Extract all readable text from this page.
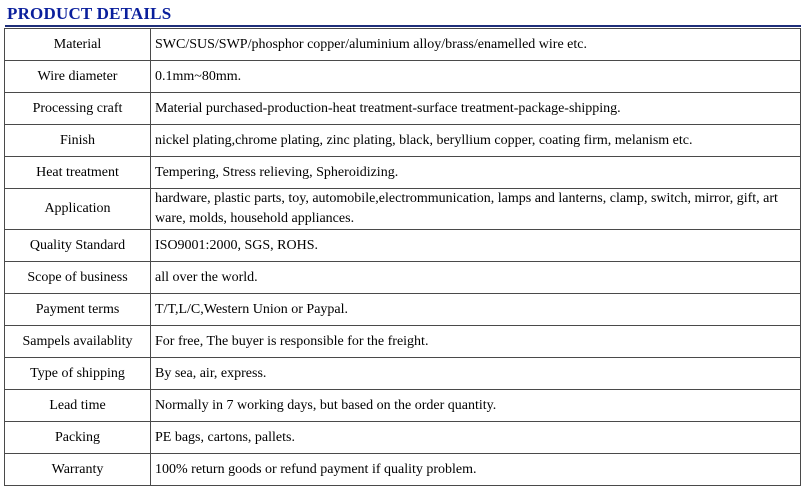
PRODUCT DETAILS
Material	SWC/SUS/SWP/phosphor copper/aluminium alloy/brass/enamelled wire etc.
Wire diameter	0.1mm~80mm.
Processing craft	Material purchased-production-heat treatment-surface treatment-package-shipping.
Finish	nickel plating,chrome plating, zinc plating, black, beryllium copper, coating firm, melanism etc.
Heat treatment	Tempering, Stress relieving, Spheroidizing.
Application	hardware, plastic parts, toy, automobile,electrommunication, lamps and lanterns, clamp, switch, mirror, gift, art ware, molds, household appliances.
Quality Standard	ISO9001:2000, SGS, ROHS.
Scope of business	all over the world.
Payment terms	T/T,L/C,Western Union or Paypal.
Sampels availablity	For free, The buyer is responsible for the freight.
Type of shipping	By sea, air, express.
Lead time	Normally in 7 working days, but based on the order quantity.
Packing	PE bags, cartons, pallets.
Warranty	100% return goods or refund payment if quality problem.
